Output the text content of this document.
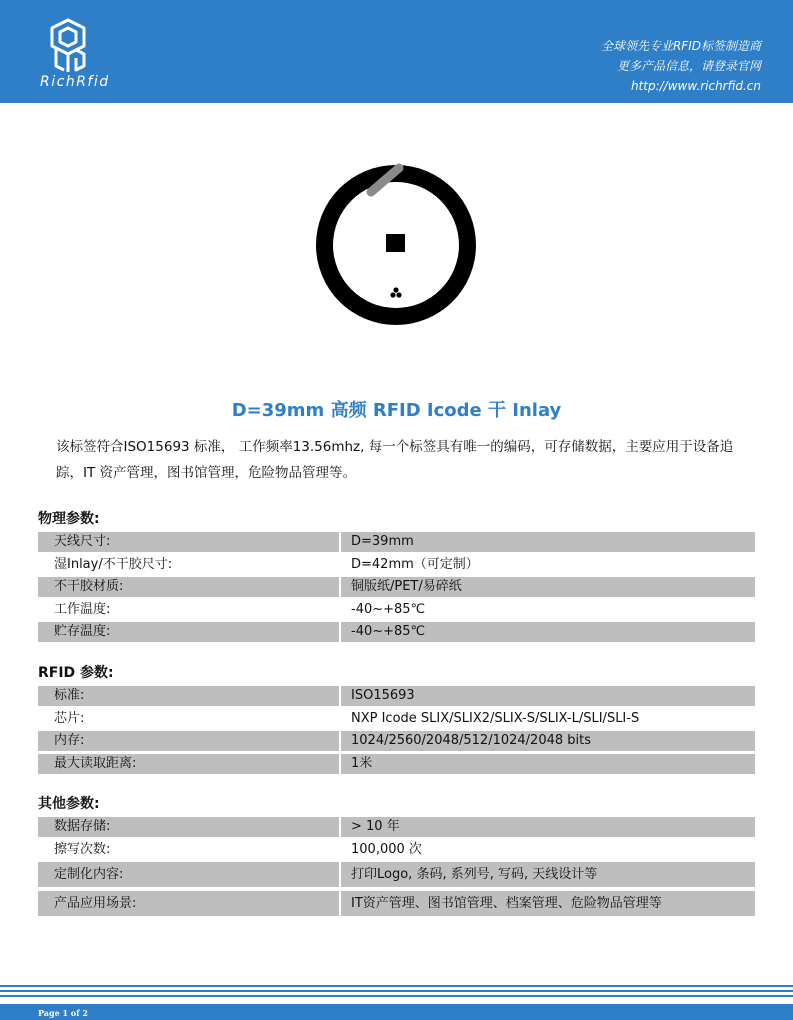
RichRfid
全球领先专业RFID标签制造商
更多产品信息，请登录官网
http://www.richrfid.cn
D=39mm 高频 RFID Icode 干 Inlay
该标签符合ISO15693 标准， 工作频率13.56mhz, 每一个标签具有唯一的编码，可存储数据，主要应用于设备追踪，IT 资产管理，图书馆管理，危险物品管理等。
物理参数:
天线尺寸:	D=39mm
湿Inlay/不干胶尺寸:	D=42mm（可定制）
不干胶材质:	铜版纸/PET/易碎纸
工作温度:	-40~+85℃
贮存温度:	-40~+85℃
RFID 参数:
标准:	ISO15693
芯片:	NXP Icode SLIX/SLIX2/SLIX-S/SLIX-L/SLI/SLI-S
内存:	1024/2560/2048/512/1024/2048 bits
最大读取距离:	1米
其他参数:
数据存储:	> 10 年
擦写次数:	100,000 次
定制化内容:	打印Logo, 条码, 系列号, 写码, 天线设计等
产品应用场景:	IT资产管理、图书馆管理、档案管理、危险物品管理等
Page 1 of 2
